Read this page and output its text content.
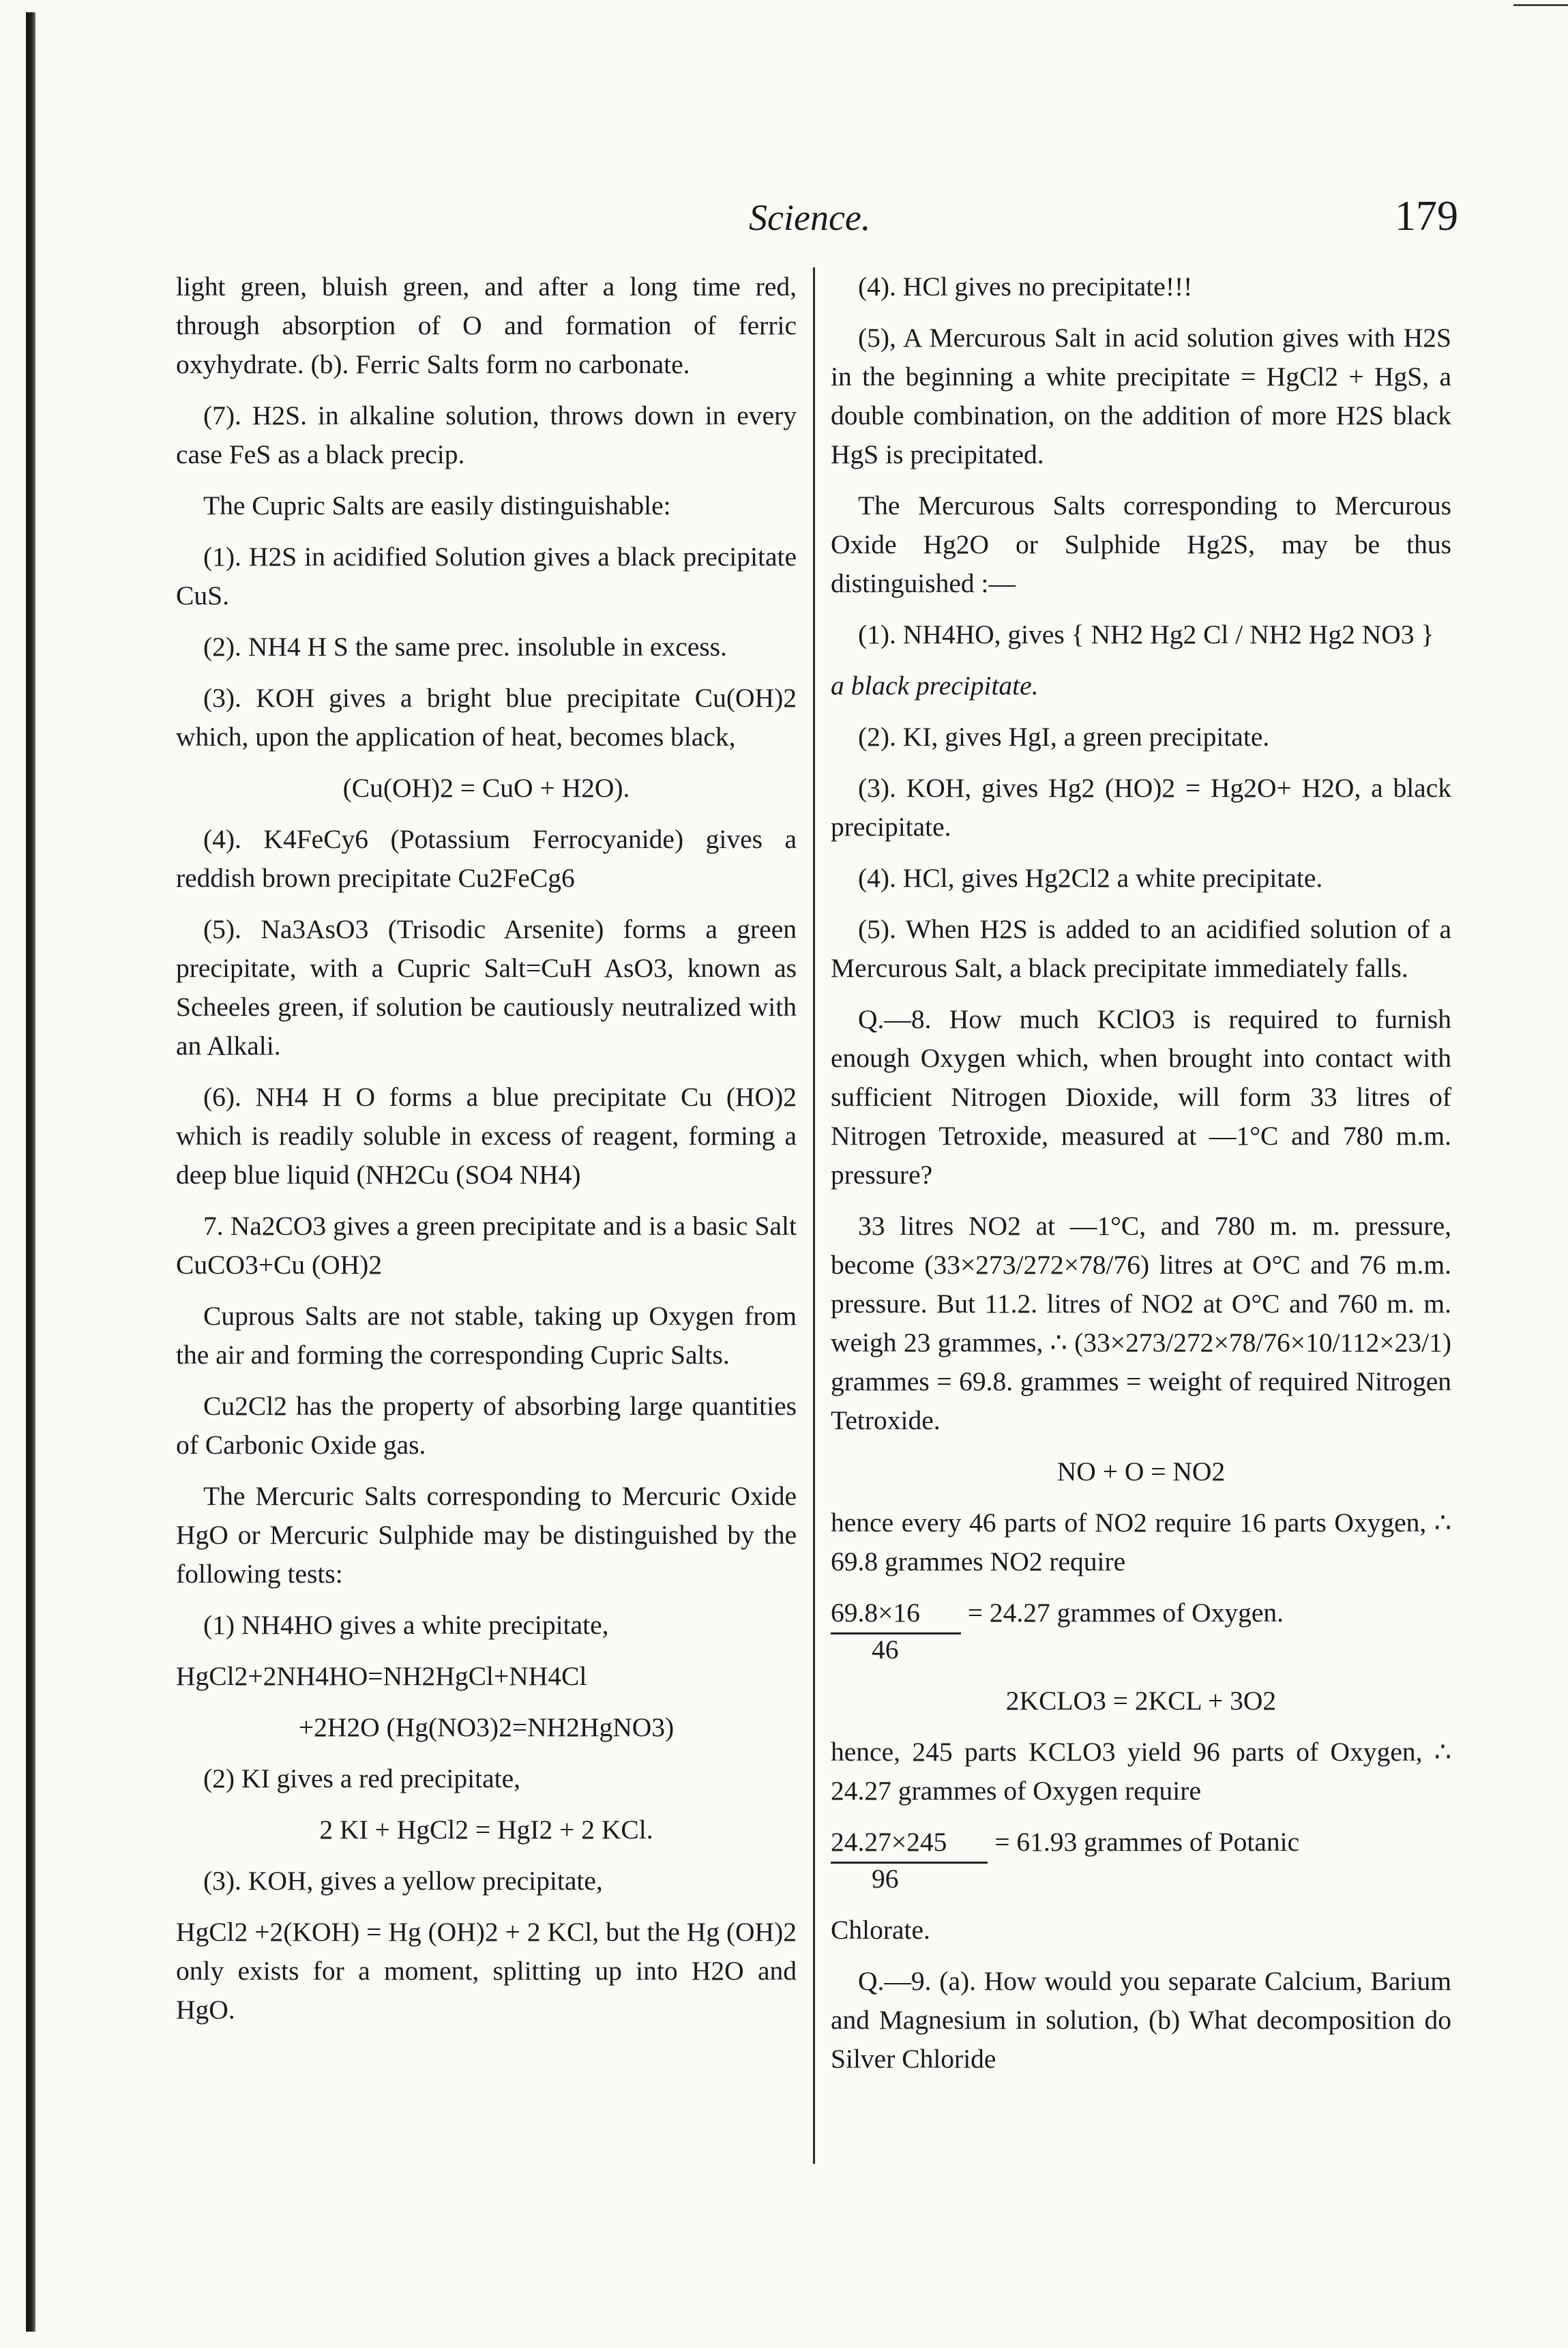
Science.	179

light green, bluish green, and after a long time red, through absorption of O and formation of ferric oxyhydrate. (b). Ferric Salts form no carbonate.

(7). H2S. in alkaline solution, throws down in every case FeS as a black precip.

The Cupric Salts are easily distinguishable:

(1). H2S in acidified Solution gives a black precipitate CuS.

(2). NH4 H S the same prec. insoluble in excess.

(3). KOH gives a bright blue precipitate Cu(OH)2 which, upon the application of heat, becomes black,

(Cu(OH)2 = CuO + H2O).

(4). K4FeCy6 (Potassium Ferrocyanide) gives a reddish brown precipitate Cu2FeCg6

(5). Na3AsO3 (Trisodic Arsenite) forms a green precipitate, with a Cupric Salt=CuH AsO3, known as Scheeles green, if solution be cautiously neutralized with an Alkali.

(6). NH4 H O forms a blue precipitate Cu (HO)2 which is readily soluble in excess of reagent, forming a deep blue liquid (NH2Cu (SO4 NH4)

7. Na2CO3 gives a green precipitate and is a basic Salt CuCO3+Cu (OH)2

Cuprous Salts are not stable, taking up Oxygen from the air and forming the corresponding Cupric Salts.

Cu2Cl2 has the property of absorbing large quantities of Carbonic Oxide gas.

The Mercuric Salts corresponding to Mercuric Oxide HgO or Mercuric Sulphide may be distinguished by the following tests:

(1) NH4HO gives a white precipitate,

HgCl2+2NH4HO=NH2HgCl+NH4Cl

+2H2O (Hg(NO3)2=NH2HgNO3)

(2) KI gives a red precipitate,

2 KI + HgCl2 = HgI2 + 2 KCl.

(3). KOH, gives a yellow precipitate,

HgCl2 +2(KOH) = Hg (OH)2 + 2 KCl, but the Hg (OH)2 only exists for a moment, splitting up into H2O and HgO.

(4). HCl gives no precipitate!!!

(5), A Mercurous Salt in acid solution gives with H2S in the beginning a white precipitate = HgCl2 + HgS, a double combination, on the addition of more H2S black HgS is precipitated.

The Mercurous Salts corresponding to Mercurous Oxide Hg2O or Sulphide Hg2S, may be thus distinguished :—

(1). NH4HO, gives { NH2 Hg2 Cl / NH2 Hg2 NO3 }

a black precipitate.

(2). KI, gives HgI, a green precipitate.

(3). KOH, gives Hg2 (HO)2 = Hg2O+ H2O, a black precipitate.

(4). HCl, gives Hg2Cl2 a white precipitate.

(5). When H2S is added to an acidified solution of a Mercurous Salt, a black precipitate immediately falls.

Q.—8. How much KClO3 is required to furnish enough Oxygen which, when brought into contact with sufficient Nitrogen Dioxide, will form 33 litres of Nitrogen Tetroxide, measured at —1°C and 780 m.m. pressure?

33 litres NO2 at —1°C, and 780 m. m. pressure, become (33×273/272×78/76) litres at O°C and 76 m.m. pressure. But 11.2. litres of NO2 at O°C and 760 m. m. weigh 23 grammes, ∴ (33×273/272×78/76×10/112×23/1) grammes = 69.8. grammes = weight of required Nitrogen Tetroxide.

NO + O = NO2

hence every 46 parts of NO2 require 16 parts Oxygen, ∴ 69.8 grammes NO2 require

69.8×16 = 24.27 grammes of Oxygen.
46

2KCLO3 = 2KCL + 3O2

hence, 245 parts KCLO3 yield 96 parts of Oxygen, ∴ 24.27 grammes of Oxygen require

24.27×245 = 61.93 grammes of Potanic
96

Chlorate.

Q.—9. (a). How would you separate Calcium, Barium and Magnesium in solution, (b) What decomposition do Silver Chloride
